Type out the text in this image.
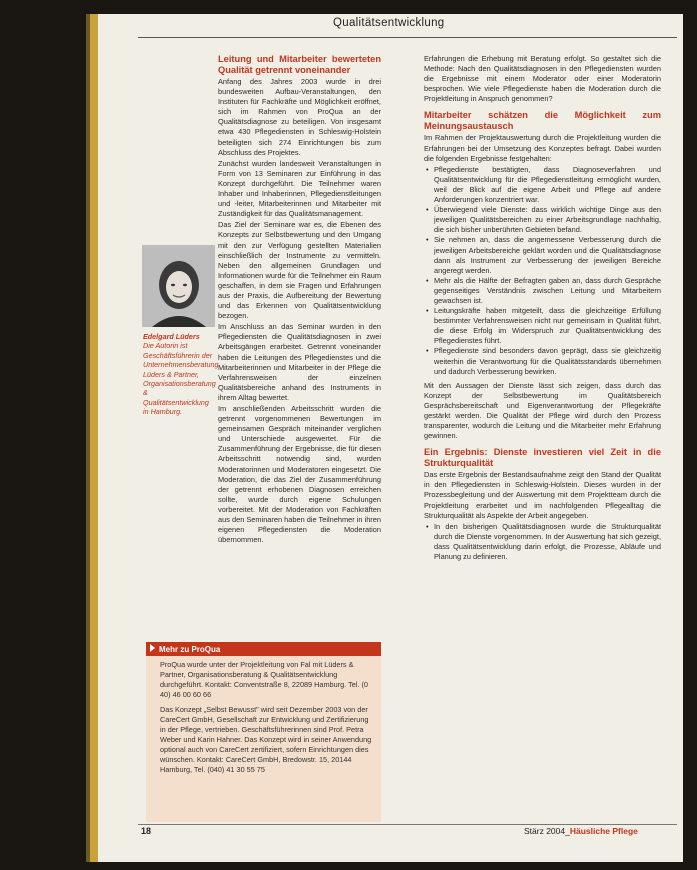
Qualitätsentwicklung
Leitung und Mitarbeiter bewerteten Qualität getrennt voneinander

Anfang des Jahres 2003 wurde in drei bundesweiten Aufbau-Veranstaltungen, den Instituten für Fachkräfte und Möglichkeit eröffnet, sich im Rahmen von ProQua an der Qualitätsdiagnose zu beteiligen. Von insgesamt etwa 430 Pflegediensten in Schleswig-Holstein beteiligten sich 274 Einrichtungen bis zum Abschluss des Projektes.

Zunächst wurden landesweit Veranstaltungen in Form von 13 Seminaren zur Einführung in das Konzept durchgeführt. Die Teilnehmer waren Inhaber und Inhaberinnen, Pflegedienstleitungen und -leiter, Mitarbeiterinnen und Mitarbeiter mit Zuständigkeit für das Qualitätsmanagement.

Das Ziel der Seminare war es, die Ebenen des Konzepts zur Selbstbewertung und den Umgang mit den zur Verfügung gestellten Materialien einschließlich der Instrumente zu vermitteln. Neben den allgemeinen Grundlagen und Informationen wurde für die Teilnehmer ein Raum geschaffen, in dem sie Fragen und Erfahrungen aus der Praxis, die Aufbereitung der Bewertung und das Erkennen von Qualitätsentwicklung bezogen.

Im Anschluss an das Seminar wurden in den Pflegediensten die Qualitätsdiagnosen in zwei Arbeitsgängen erarbeitet. Getrennt voneinander haben die Leitungen des Pflegedienstes und die Mitarbeiterinnen und Mitarbeiter in der Pflege die Verfahrensweisen der einzelnen Qualitätsbereiche anhand des Instruments in ihrem Alltag bewertet.

Im anschließenden Arbeitsschritt wurden die getrennt vorgenommenen Bewertungen im gemeinsamen Gespräch miteinander verglichen und Unterschiede ausgewertet. Für die Zusammenführung der Ergebnisse, die für diesen Arbeitsschritt notwendig sind, wurden Moderatorinnen und Moderatoren eingesetzt. Die Moderation, die das Ziel der Zusammenführung der getrennt erhobenen Diagnosen erreichen sollte, wurde durch eigene Schulungen vorbereitet. Mit der Moderation von Fachkräften aus den Seminaren haben die Teilnehmer in ihren eigenen Pflegediensten die Moderation übernommen.

Edelgard Lüders
Die Autorin ist Geschäftsführerin der Unternehmensberatung Lüders & Partner, Organisationsberatung & Qualitätsentwicklung in Hamburg.
Mehr zu ProQua

ProQua wurde unter der Projektleitung von Fal mit Lüders & Partner, Organisationsberatung & Qualitätsentwicklung durchgeführt. Kontakt: Conventstraße 8, 22089 Hamburg. Tel. (0 40) 46 00 60 66

Das Konzept „Selbst Bewusst" wird seit Dezember 2003 von der CareCert GmbH, Gesellschaft zur Entwicklung und Zertifizierung in der Pflege, vertrieben. Geschäftsführerinnen sind Prof. Petra Weber und Karin Hahner. Das Konzept wird in seiner Anwendung optional auch von CareCert zertifiziert, sofern Einrichtungen dies wünschen. Kontakt: CareCert GmbH, Bredowstr. 15, 20144 Hamburg, Tel. (040) 41 30 55 75

Erfahrungen die Erhebung mit Beratung erfolgt. So gestaltet sich die Methode: Nach den Qualitätsdiagnosen in den Pflegediensten wurden die Ergebnisse mit einem Moderator oder einer Moderatorin besprochen. Wie viele Pflegedienste haben die Moderation durch die Projektleitung in Anspruch genommen?

Mitarbeiter schätzen die Möglichkeit zum Meinungsaustausch

Im Rahmen der Projektauswertung durch die Projektleitung wurden die Erfahrungen bei der Umsetzung des Konzeptes befragt. Dabei wurden die folgenden Ergebnisse festgehalten:

• Pflegedienste bestätigten, dass Diagnoseverfahren und Qualitätsentwicklung für die Pflegedienstleitung ermöglicht wurden, weil der Blick auf die eigene Arbeit und Pflege auf andere Anforderungen konzentriert war.
• Überwiegend viele Dienste: dass wirklich wichtige Dinge aus den jeweiligen Qualitätsbereichen zu einer Arbeitsgrundlage nachhaltig, die sich bisher unberührten Gebieten befand.
• Sie nehmen an, dass die angemessene Verbesserung durch die jeweiligen Arbeitsbereiche geklärt worden und die Qualitätsdiagnose dann als Instrument zur Verbesserung der jeweiligen Bereiche angeregt werden.
• Mehr als die Hälfte der Befragten gaben an, dass durch Gespräche gegenseitiges Verständnis zwischen Leitung und Mitarbeitern gewachsen ist.
• Leitungskräfte haben mitgeteilt, dass die gleichzeitige Erfüllung bestimmter Verfahrensweisen nicht nur gemeinsam in Qualität führt, die diese Erfolg im Widerspruch zur Qualitätsentwicklung des Pflegedienstes führt.
• Pflegedienste sind besonders davon geprägt, dass sie gleichzeitig weiterhin die Verantwortung für die Qualitätsstandards übernehmen und dadurch Verbesserung bewirken.

Mit den Aussagen der Dienste lässt sich zeigen, dass durch das Konzept der Selbstbewertung im Qualitätsbereich Gesprächsbereitschaft und Eigenverantwortung der Pflegekräfte gestärkt werden. Die Qualität der Pflege wird durch den Prozess transparenter, wodurch die Leitung und die Mitarbeiter mehr Erfahrung gewinnen.

Ein Ergebnis: Dienste investieren viel Zeit in die Strukturqualität

Das erste Ergebnis der Bestandsaufnahme zeigt den Stand der Qualität in den Pflegediensten in Schleswig-Holstein. Dieses wurden in der Prozessbegleitung und der Auswertung mit dem Projektteam durch die Projektleitung erarbeitet und im nachfolgenden Pflegealltag die Strukturqualität als Aspekte der Arbeit angegeben.

• In den bisherigen Qualitätsdiagnosen wurde die Strukturqualität durch die Dienste vorgenommen. In der Auswertung hat sich gezeigt, dass Qualitätsentwicklung darin erfolgt, die Prozesse, Abläufe und Planung zu definieren.
18	Stärz 2004_Häusliche Pflege
